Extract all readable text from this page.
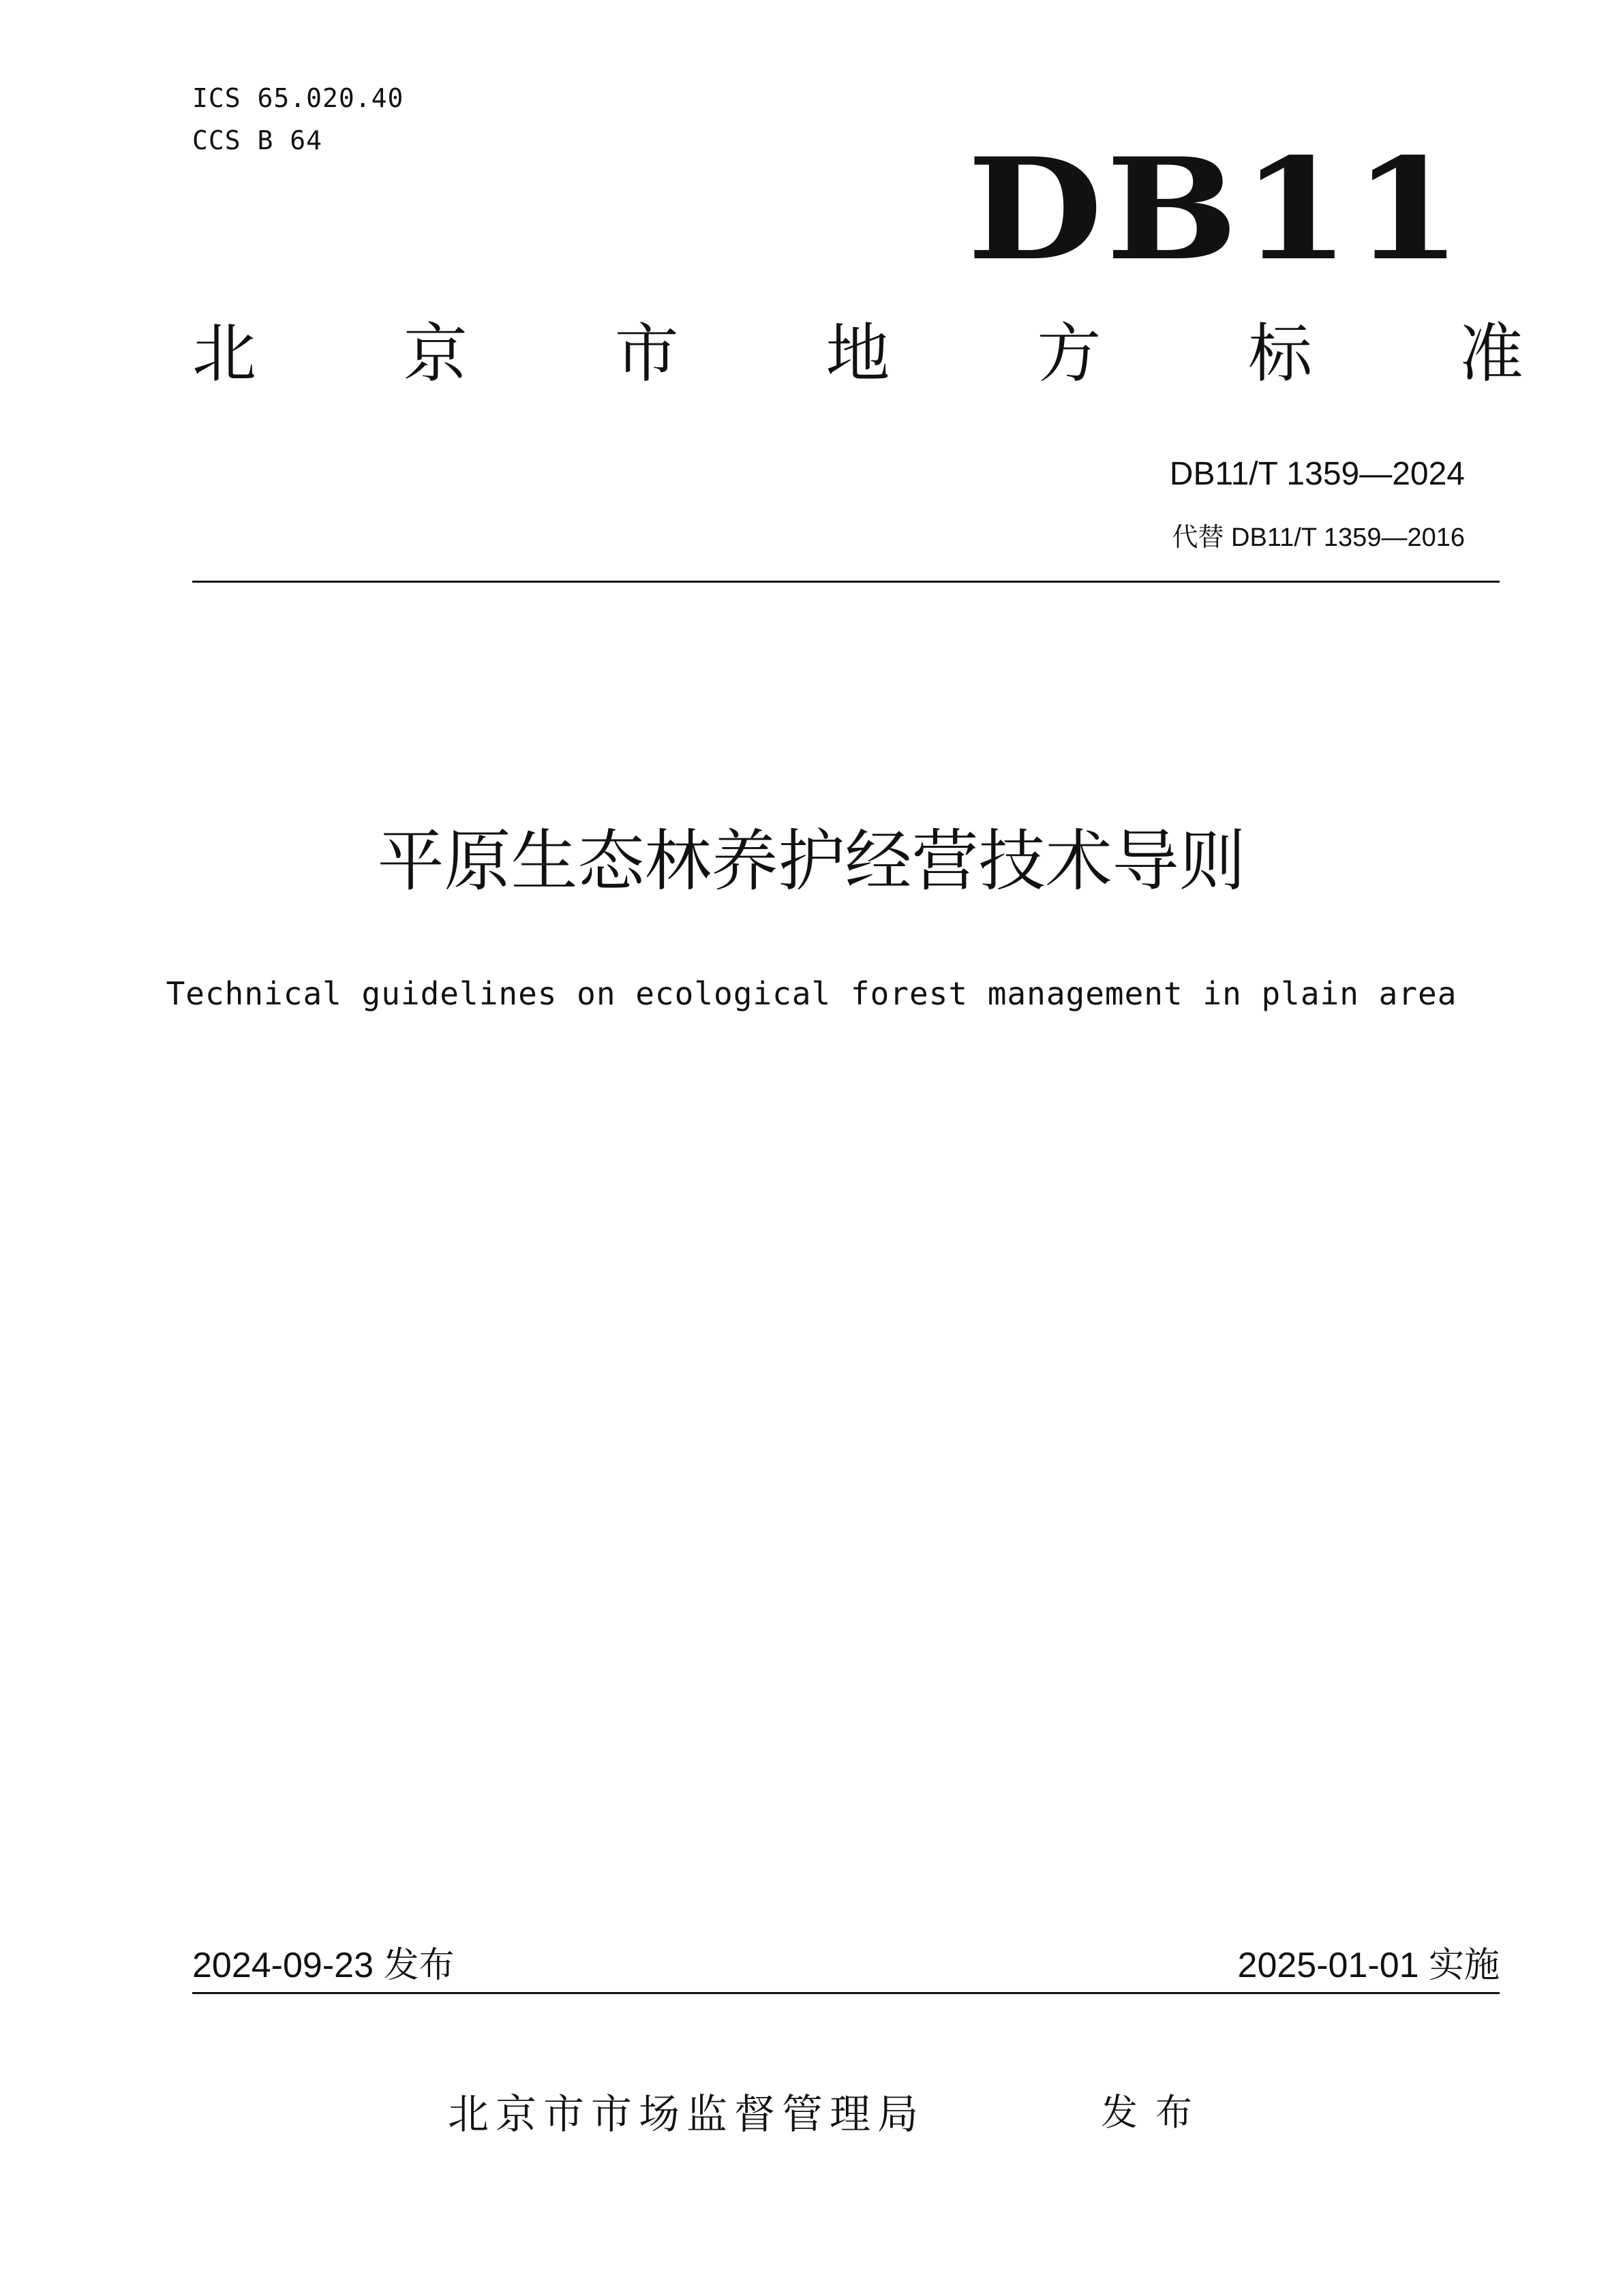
ICS 65.020.40

CCS B 64	DB11
北 京 市 地 方 标 准

DB11/T 1359—2024

代替 DB11/T 1359—2016

平原生态林养护经营技术导则

Technical guidelines on ecological forest management in plain area

2024-09-23 发布	2025-01-01 实施

北京市市场监督管理局	发布
